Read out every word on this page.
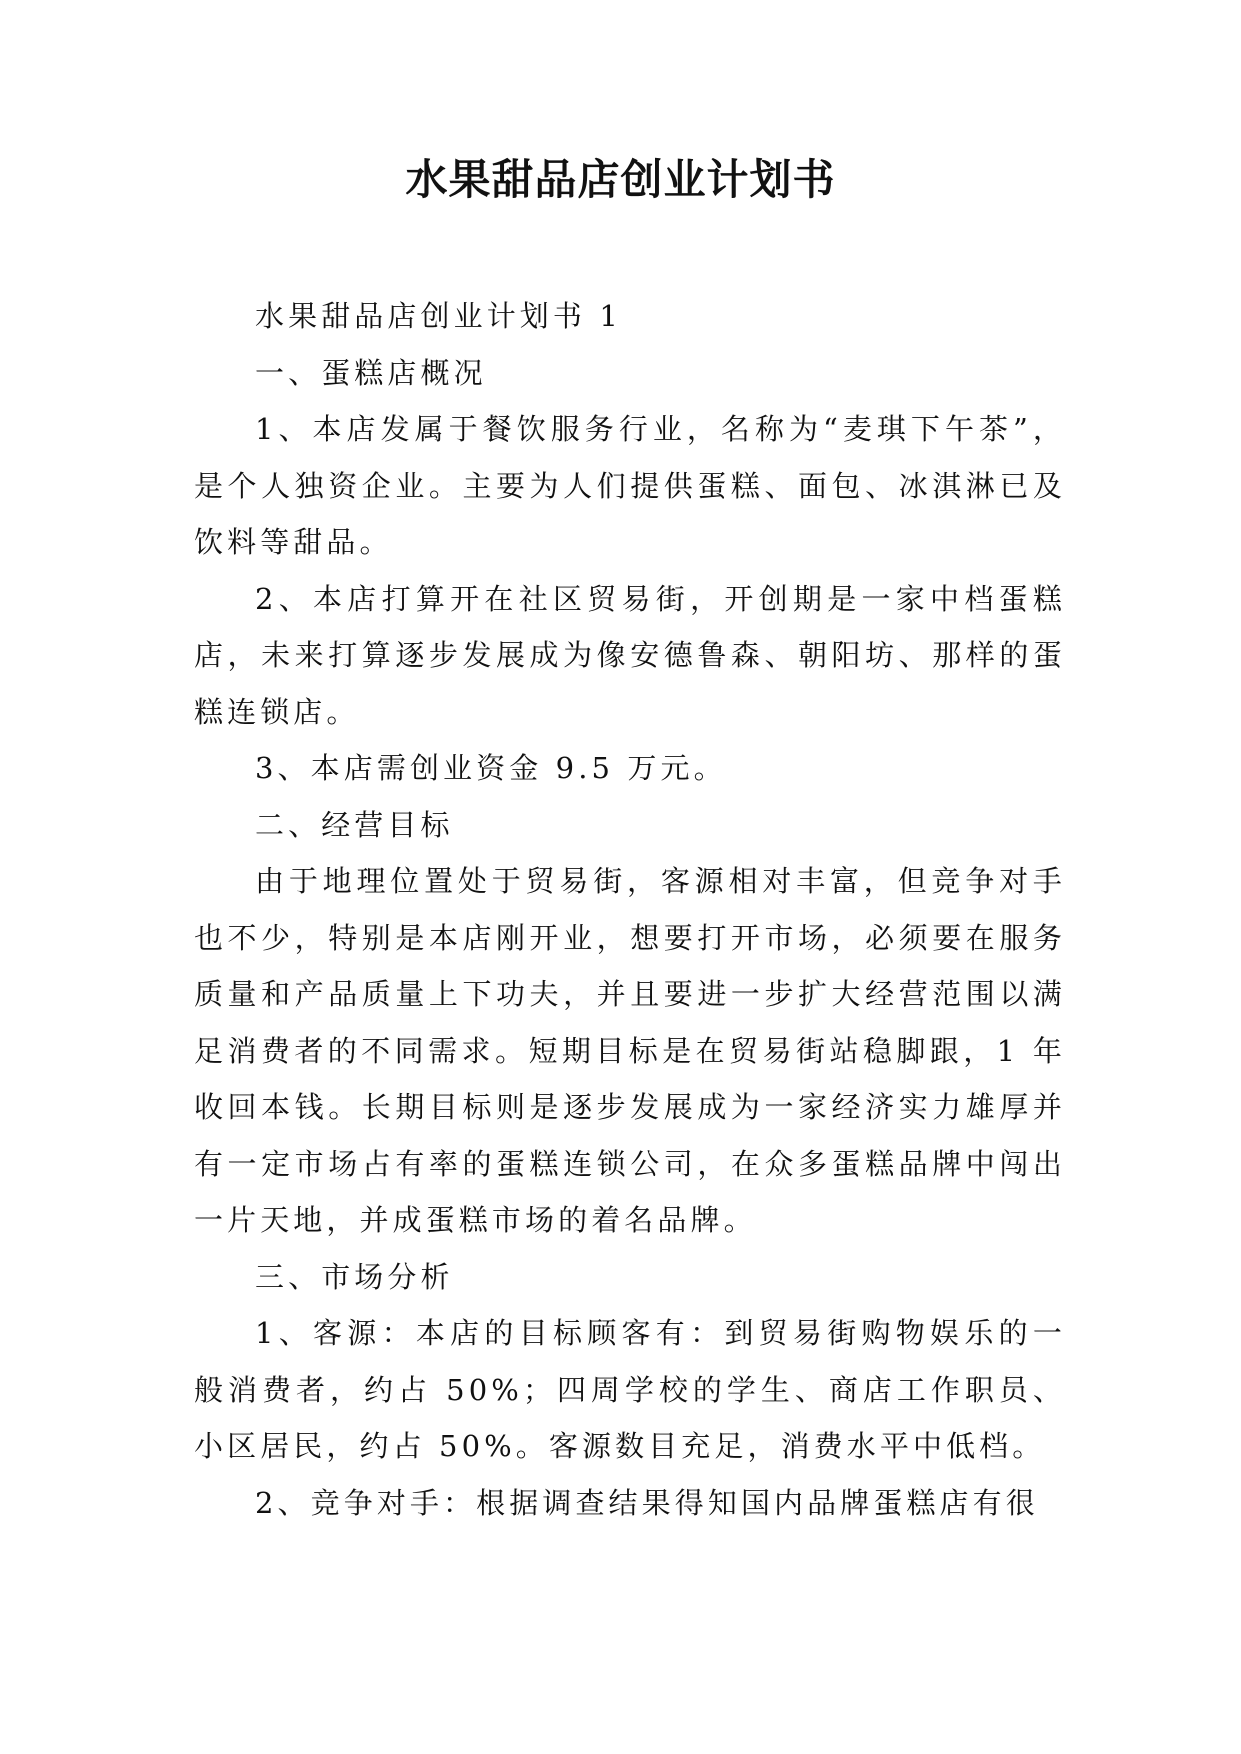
水果甜品店创业计划书

水果甜品店创业计划书 1

一、蛋糕店概况

1、本店发属于餐饮服务行业，名称为“麦琪下午茶”，是个人独资企业。主要为人们提供蛋糕、面包、冰淇淋已及饮料等甜品。

2、本店打算开在社区贸易街，开创期是一家中档蛋糕店，未来打算逐步发展成为像安德鲁森、朝阳坊、那样的蛋糕连锁店。

3、本店需创业资金 9.5 万元。

二、经营目标

由于地理位置处于贸易街，客源相对丰富，但竞争对手也不少，特别是本店刚开业，想要打开市场，必须要在服务质量和产品质量上下功夫，并且要进一步扩大经营范围以满足消费者的不同需求。短期目标是在贸易街站稳脚跟，1 年收回本钱。长期目标则是逐步发展成为一家经济实力雄厚并有一定市场占有率的蛋糕连锁公司，在众多蛋糕品牌中闯出一片天地，并成蛋糕市场的着名品牌。

三、市场分析

1、客源：本店的目标顾客有：到贸易街购物娱乐的一般消费者，约占 50%；四周学校的学生、商店工作职员、小区居民，约占 50%。客源数目充足，消费水平中低档。

2、竞争对手：根据调查结果得知国内品牌蛋糕店有很
